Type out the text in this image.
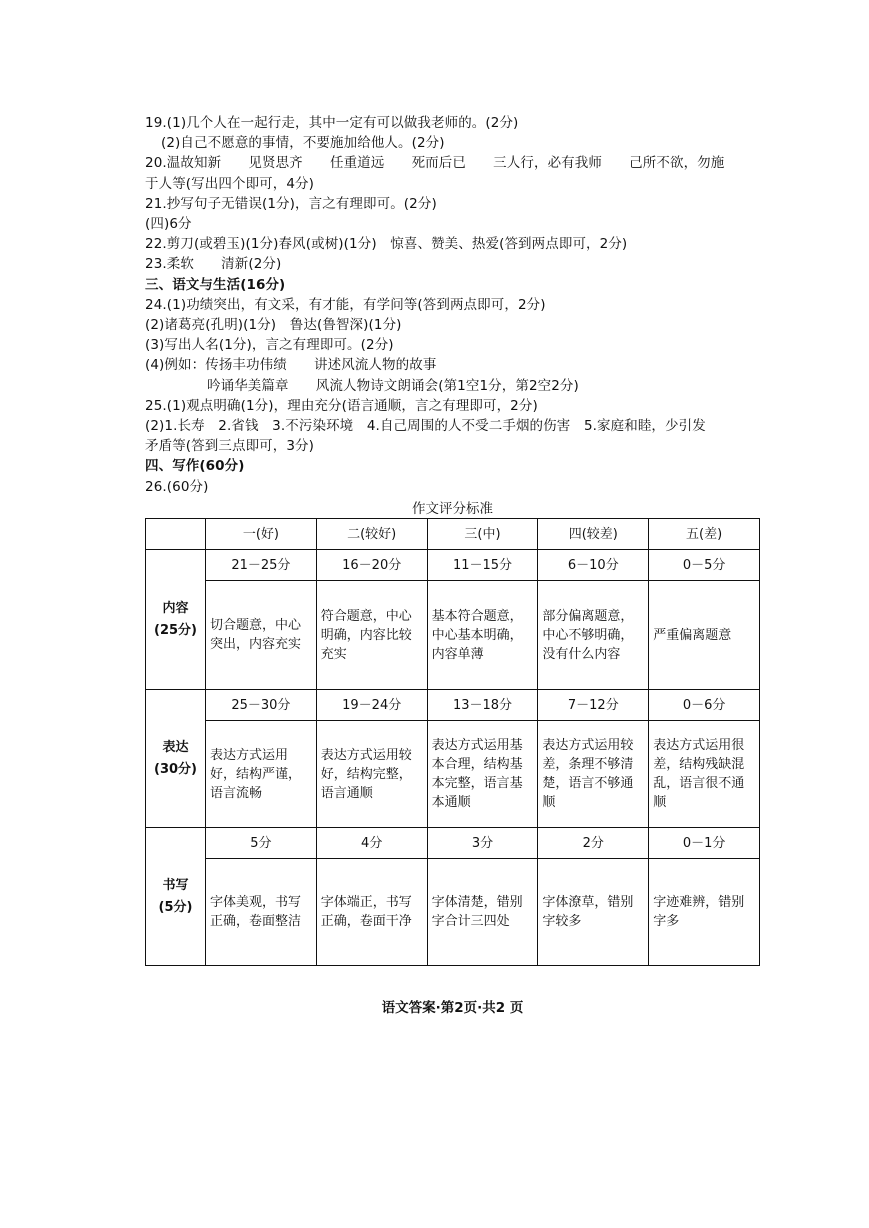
19.(1)几个人在一起行走，其中一定有可以做我老师的。(2分)
(2)自己不愿意的事情，不要施加给他人。(2分)
20.温故知新　　见贤思齐　　任重道远　　死而后已　　三人行，必有我师　　己所不欲，勿施
于人等(写出四个即可，4分)
21.抄写句子无错误(1分)，言之有理即可。(2分)
(四)6分
22.剪刀(或碧玉)(1分)春风(或树)(1分)　惊喜、赞美、热爱(答到两点即可，2分)
23.柔软　　清新(2分)
三、语文与生活(16分)
24.(1)功绩突出，有文采，有才能，有学问等(答到两点即可，2分)
(2)诸葛亮(孔明)(1分)　鲁达(鲁智深)(1分)
(3)写出人名(1分)，言之有理即可。(2分)
(4)例如：传扬丰功伟绩　　讲述风流人物的故事
吟诵华美篇章　　风流人物诗文朗诵会(第1空1分，第2空2分)
25.(1)观点明确(1分)，理由充分(语言通顺，言之有理即可，2分)
(2)1.长寿　2.省钱　3.不污染环境　4.自己周围的人不受二手烟的伤害　5.家庭和睦，少引发
矛盾等(答到三点即可，3分)
四、写作(60分)
26.(60分)
作文评分标准
	一(好)	二(较好)	三(中)	四(较差)	五(差)

内容
(25分)	21－25分	16－20分	11－15分	6－10分	0－5分
	切合题意，中心突出，内容充实	符合题意，中心明确，内容比较充实	基本符合题意，中心基本明确，内容单薄	部分偏离题意，中心不够明确，没有什么内容	严重偏离题意

表达
(30分)	25－30分	19－24分	13－18分	7－12分	0－6分
	表达方式运用好，结构严谨，语言流畅	表达方式运用较好，结构完整，语言通顺	表达方式运用基本合理，结构基本完整，语言基本通顺	表达方式运用较差，条理不够清楚，语言不够通顺	表达方式运用很差，结构残缺混乱，语言很不通顺

书写
(5分)	5分	4分	3分	2分	0－1分
	字体美观，书写正确，卷面整洁	字体端正，书写正确，卷面干净	字体清楚，错别字合计三四处	字体潦草，错别字较多	字迹难辨，错别字多
语文答案·第2页·共2 页
